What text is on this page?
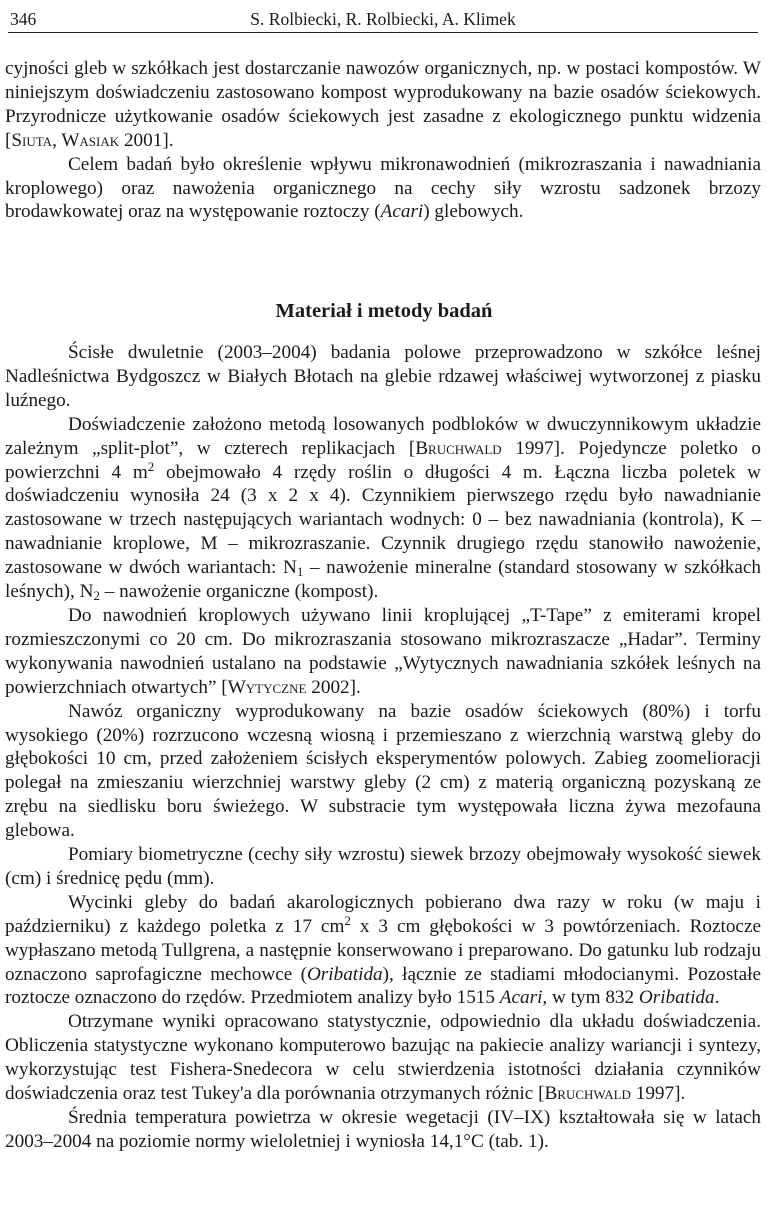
346	S. Rolbiecki, R. Rolbiecki, A. Klimek

cyjności gleb w szkółkach jest dostarczanie nawozów organicznych, np. w postaci kompostów. W niniejszym doświadczeniu zastosowano kompost wyprodukowany na bazie osadów ściekowych. Przyrodnicze użytkowanie osadów ściekowych jest zasadne z ekologicznego punktu widzenia [Siuta, Wasiak 2001].

Celem badań było określenie wpływu mikronawodnień (mikrozraszania i nawadniania kroplowego) oraz nawożenia organicznego na cechy siły wzrostu sadzonek brzozy brodawkowatej oraz na występowanie roztoczy (Acari) glebowych.

Materiał i metody badań

Ścisłe dwuletnie (2003–2004) badania polowe przeprowadzono w szkółce leśnej Nadleśnictwa Bydgoszcz w Białych Błotach na glebie rdzawej właściwej wytworzonej z piasku luźnego.

Doświadczenie założono metodą losowanych podbloków w dwuczynnikowym układzie zależnym „split-plot”, w czterech replikacjach [Bruchwald 1997]. Pojedyncze poletko o powierzchni 4 $m^2$ obejmowało 4 rzędy roślin o długości 4 m. Łączna liczba poletek w doświadczeniu wynosiła 24 (3 x 2 x 4). Czynnikiem pierwszego rzędu było nawadnianie zastosowane w trzech następujących wariantach wodnych: 0 – bez nawadniania (kontrola), K – nawadnianie kroplowe, M – mikrozraszanie. Czynnik drugiego rzędu stanowiło nawożenie, zastosowane w dwóch wariantach: $N_1$ – nawożenie mineralne (standard stosowany w szkółkach leśnych), $N_2$ – nawożenie organiczne (kompost).

Do nawodnień kroplowych używano linii kroplującej „T-Tape” z emiterami kropel rozmieszczonymi co 20 cm. Do mikrozraszania stosowano mikrozraszacze „Hadar”. Terminy wykonywania nawodnień ustalano na podstawie „Wytycznych nawadniania szkółek leśnych na powierzchniach otwartych” [Wytyczne 2002].

Nawóz organiczny wyprodukowany na bazie osadów ściekowych (80%) i torfu wysokiego (20%) rozrzucono wczesną wiosną i przemieszano z wierzchnią warstwą gleby do głębokości 10 cm, przed założeniem ścisłych eksperymentów polowych. Zabieg zoomelioracji polegał na zmieszaniu wierzchniej warstwy gleby (2 cm) z materią organiczną pozyskaną ze zrębu na siedlisku boru świeżego. W substracie tym występowała liczna żywa mezofauna glebowa.

Pomiary biometryczne (cechy siły wzrostu) siewek brzozy obejmowały wysokość siewek (cm) i średnicę pędu (mm).

Wycinki gleby do badań akarologicznych pobierano dwa razy w roku (w maju i październiku) z każdego poletka z 17 $cm^2$ x 3 cm głębokości w 3 powtórzeniach. Roztocze wypłaszano metodą Tullgrena, a następnie konserwowano i preparowano. Do gatunku lub rodzaju oznaczono saprofagiczne mechowce (Oribatida), łącznie ze stadiami młodocianymi. Pozostałe roztocze oznaczono do rzędów. Przedmiotem analizy było 1515 Acari, w tym 832 Oribatida.

Otrzymane wyniki opracowano statystycznie, odpowiednio dla układu doświadczenia. Obliczenia statystyczne wykonano komputerowo bazując na pakiecie analizy wariancji i syntezy, wykorzystując test Fishera-Snedecora w celu stwierdzenia istotności działania czynników doświadczenia oraz test Tukey'a dla porównania otrzymanych różnic [Bruchwald 1997].

Średnia temperatura powietrza w okresie wegetacji (IV–IX) kształtowała się w latach 2003–2004 na poziomie normy wieloletniej i wyniosła 14,1°C (tab. 1).
